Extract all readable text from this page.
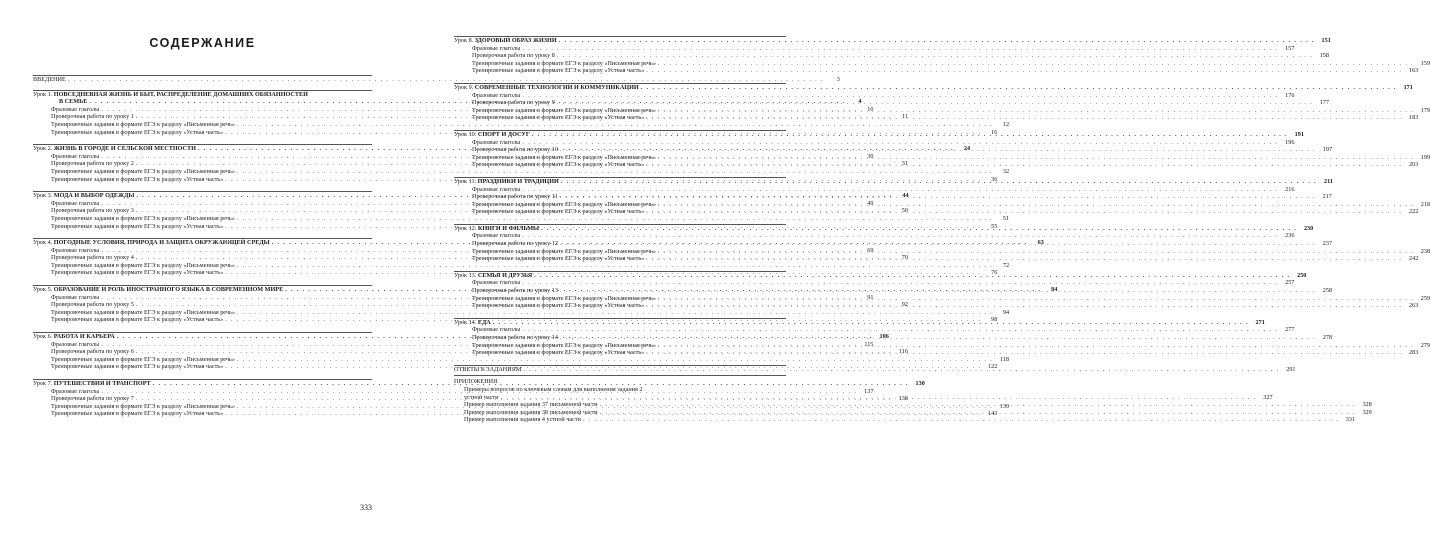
СОДЕРЖАНИЕ
ВВЕДЕНИЕ . . .	3
Урок 1. ПОВСЕДНЕВНАЯ ЖИЗНЬ И БЫТ, РАСПРЕДЕЛЕНИЕ ДОМАШНИХ ОБЯЗАННОСТЕЙ
В СЕМЬЕ . . .	4
Фразовые глаголы . . .	10
Проверочная работа по уроку 1 . . .	11
Тренировочные задания в формате ЕГЭ к разделу «Письменная речь» . . .	12
Тренировочные задания в формате ЕГЭ к разделу «Устная часть» . . .	16
Урок 2. ЖИЗНЬ В ГОРОДЕ И СЕЛЬСКОЙ МЕСТНОСТИ . . .	24
Фразовые глаголы . . .	30
Проверочная работа по уроку 2 . . .	31
Тренировочные задания в формате ЕГЭ к разделу «Письменная речь» . . .	32
Тренировочные задания в формате ЕГЭ к разделу «Устная часть» . . .	36
Урок 3. МОДА И ВЫБОР ОДЕЖДЫ . . .	44
Фразовые глаголы . . .	49
Проверочная работа по уроку 3 . . .	50
Тренировочные задания в формате ЕГЭ к разделу «Письменная речь» . . .	51
Тренировочные задания в формате ЕГЭ к разделу «Устная часть» . . .	55
Урок 4. ПОГОДНЫЕ УСЛОВИЯ, ПРИРОДА И ЗАЩИТА ОКРУЖАЮЩЕЙ СРЕДЫ . . .	63
Фразовые глаголы . . .	69
Проверочная работа по уроку 4 . . .	70
Тренировочные задания в формате ЕГЭ к разделу «Письменная речь» . . .	72
Тренировочные задания в формате ЕГЭ к разделу «Устная часть» . . .	76
Урок 5. ОБРАЗОВАНИЕ И РОЛЬ ИНОСТРАННОГО ЯЗЫКА В СОВРЕМЕННОМ МИРЕ . . .	84
Фразовые глаголы . . .	91
Проверочная работа по уроку 5 . . .	92
Тренировочные задания в формате ЕГЭ к разделу «Письменная речь» . . .	94
Тренировочные задания в формате ЕГЭ к разделу «Устная часть» . . .	98
Урок 6. РАБОТА И КАРЬЕРА . . .	106
Фразовые глаголы . . .	115
Проверочная работа по уроку 6 . . .	116
Тренировочные задания в формате ЕГЭ к разделу «Письменная речь» . . .	118
Тренировочные задания в формате ЕГЭ к разделу «Устная часть» . . .	122
Урок 7. ПУТЕШЕСТВИЯ И ТРАНСПОРТ . . .	130
Фразовые глаголы . . .	137
Проверочная работа по уроку 7 . . .	138
Тренировочные задания в формате ЕГЭ к разделу «Письменная речь» . . .	139
Тренировочные задания в формате ЕГЭ к разделу «Устная часть» . . .	143
333
Урок 8. ЗДОРОВЫЙ ОБРАЗ ЖИЗНИ . . .	151
Фразовые глаголы . . .	157
Проверочная работа по уроку 8 . . .	158
Тренировочные задания в формате ЕГЭ к разделу «Письменная речь» . . .	159
Тренировочные задания в формате ЕГЭ к разделу «Устная часть» . . .	163
Урок 9. СОВРЕМЕННЫЕ ТЕХНОЛОГИИ И КОММУНИКАЦИИ . . .	171
Фразовые глаголы . . .	176
Проверочная работа по уроку 9 . . .	177
Тренировочные задания в формате ЕГЭ к разделу «Письменная речь» . . .	179
Тренировочные задания в формате ЕГЭ к разделу «Устная часть» . . .	183
Урок 10. СПОРТ И ДОСУГ . . .	191
Фразовые глаголы . . .	196
Проверочная работа по уроку 10 . . .	197
Тренировочные задания в формате ЕГЭ к разделу «Письменная речь» . . .	199
Тренировочные задания в формате ЕГЭ к разделу «Устная часть» . . .	203
Урок 11. ПРАЗДНИКИ И ТРАДИЦИИ . . .	211
Фразовые глаголы . . .	216
Проверочная работа по уроку 11 . . .	217
Тренировочные задания в формате ЕГЭ к разделу «Письменная речь» . . .	218
Тренировочные задания в формате ЕГЭ к разделу «Устная часть» . . .	222
Урок 12. КНИГИ И ФИЛЬМЫ . . .	230
Фразовые глаголы . . .	236
Проверочная работа по уроку 12 . . .	237
Тренировочные задания в формате ЕГЭ к разделу «Письменная речь» . . .	238
Тренировочные задания в формате ЕГЭ к разделу «Устная часть» . . .	242
Урок 13. СЕМЬЯ И ДРУЗЬЯ . . .	250
Фразовые глаголы . . .	257
Проверочная работа по уроку 13 . . .	258
Тренировочные задания в формате ЕГЭ к разделу «Письменная речь» . . .	259
Тренировочные задания в формате ЕГЭ к разделу «Устная часть» . . .	263
Урок 14. ЕДА . . .	271
Фразовые глаголы . . .	277
Проверочная работа по уроку 14 . . .	278
Тренировочные задания в формате ЕГЭ к разделу «Письменная речь» . . .	279
Тренировочные задания в формате ЕГЭ к разделу «Устная часть» . . .	283
ОТВЕТЫ К ЗАДАНИЯМ . . .	291
ПРИЛОЖЕНИЯ
Примеры вопросов по ключевым словам для выполнения задания 2
устной части . . .	327
Пример выполнения задания 37 письменной части . . .	328
Пример выполнения задания 38 письменной части . . .	329
Пример выполнения задания 4 устной части . . .	331
